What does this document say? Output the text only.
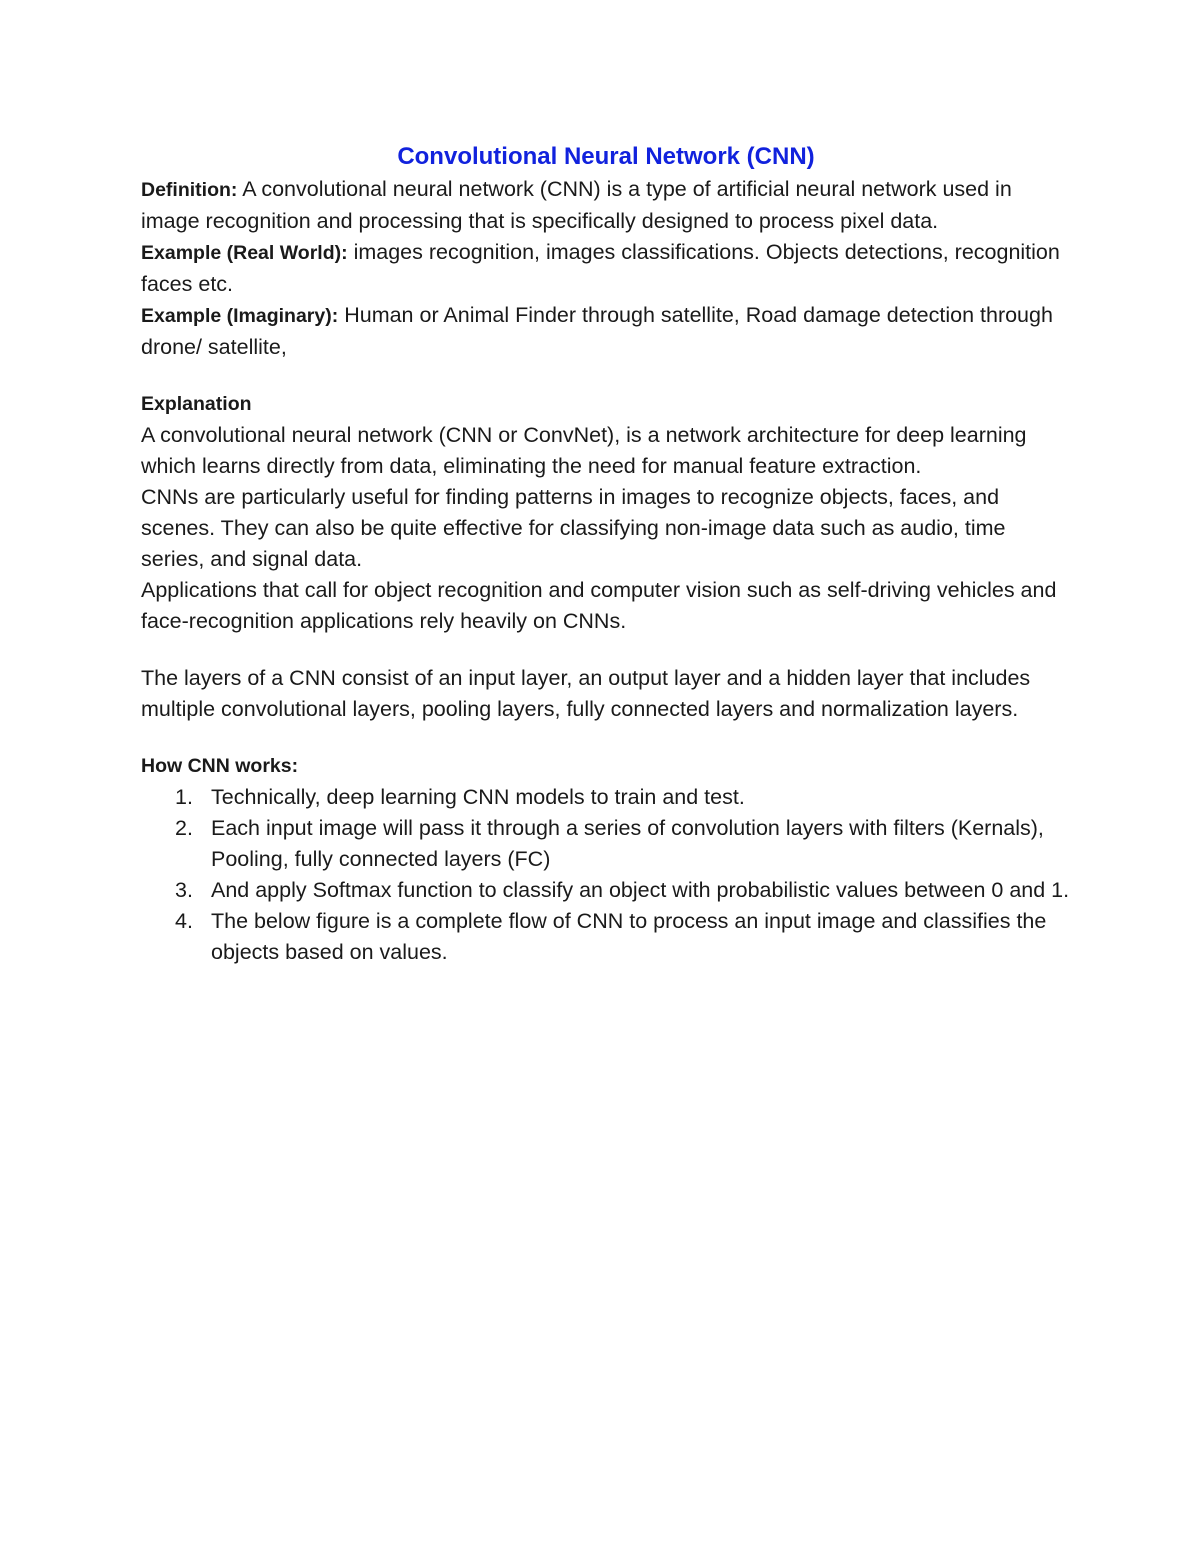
Convolutional Neural Network (CNN)

Definition: A convolutional neural network (CNN) is a type of artificial neural network used in image recognition and processing that is specifically designed to process pixel data.

Example (Real World): images recognition, images classifications. Objects detections, recognition faces etc.

Example (Imaginary): Human or Animal Finder through satellite, Road damage detection through drone/ satellite,

Explanation

A convolutional neural network (CNN or ConvNet), is a network architecture for deep learning which learns directly from data, eliminating the need for manual feature extraction.

CNNs are particularly useful for finding patterns in images to recognize objects, faces, and scenes. They can also be quite effective for classifying non-image data such as audio, time series, and signal data.

Applications that call for object recognition and computer vision such as self-driving vehicles and face-recognition applications rely heavily on CNNs.

The layers of a CNN consist of an input layer, an output layer and a hidden layer that includes multiple convolutional layers, pooling layers, fully connected layers and normalization layers.

How CNN works:

1. Technically, deep learning CNN models to train and test.
2. Each input image will pass it through a series of convolution layers with filters (Kernals), Pooling, fully connected layers (FC)
3. And apply Softmax function to classify an object with probabilistic values between 0 and 1.
4. The below figure is a complete flow of CNN to process an input image and classifies the objects based on values.
